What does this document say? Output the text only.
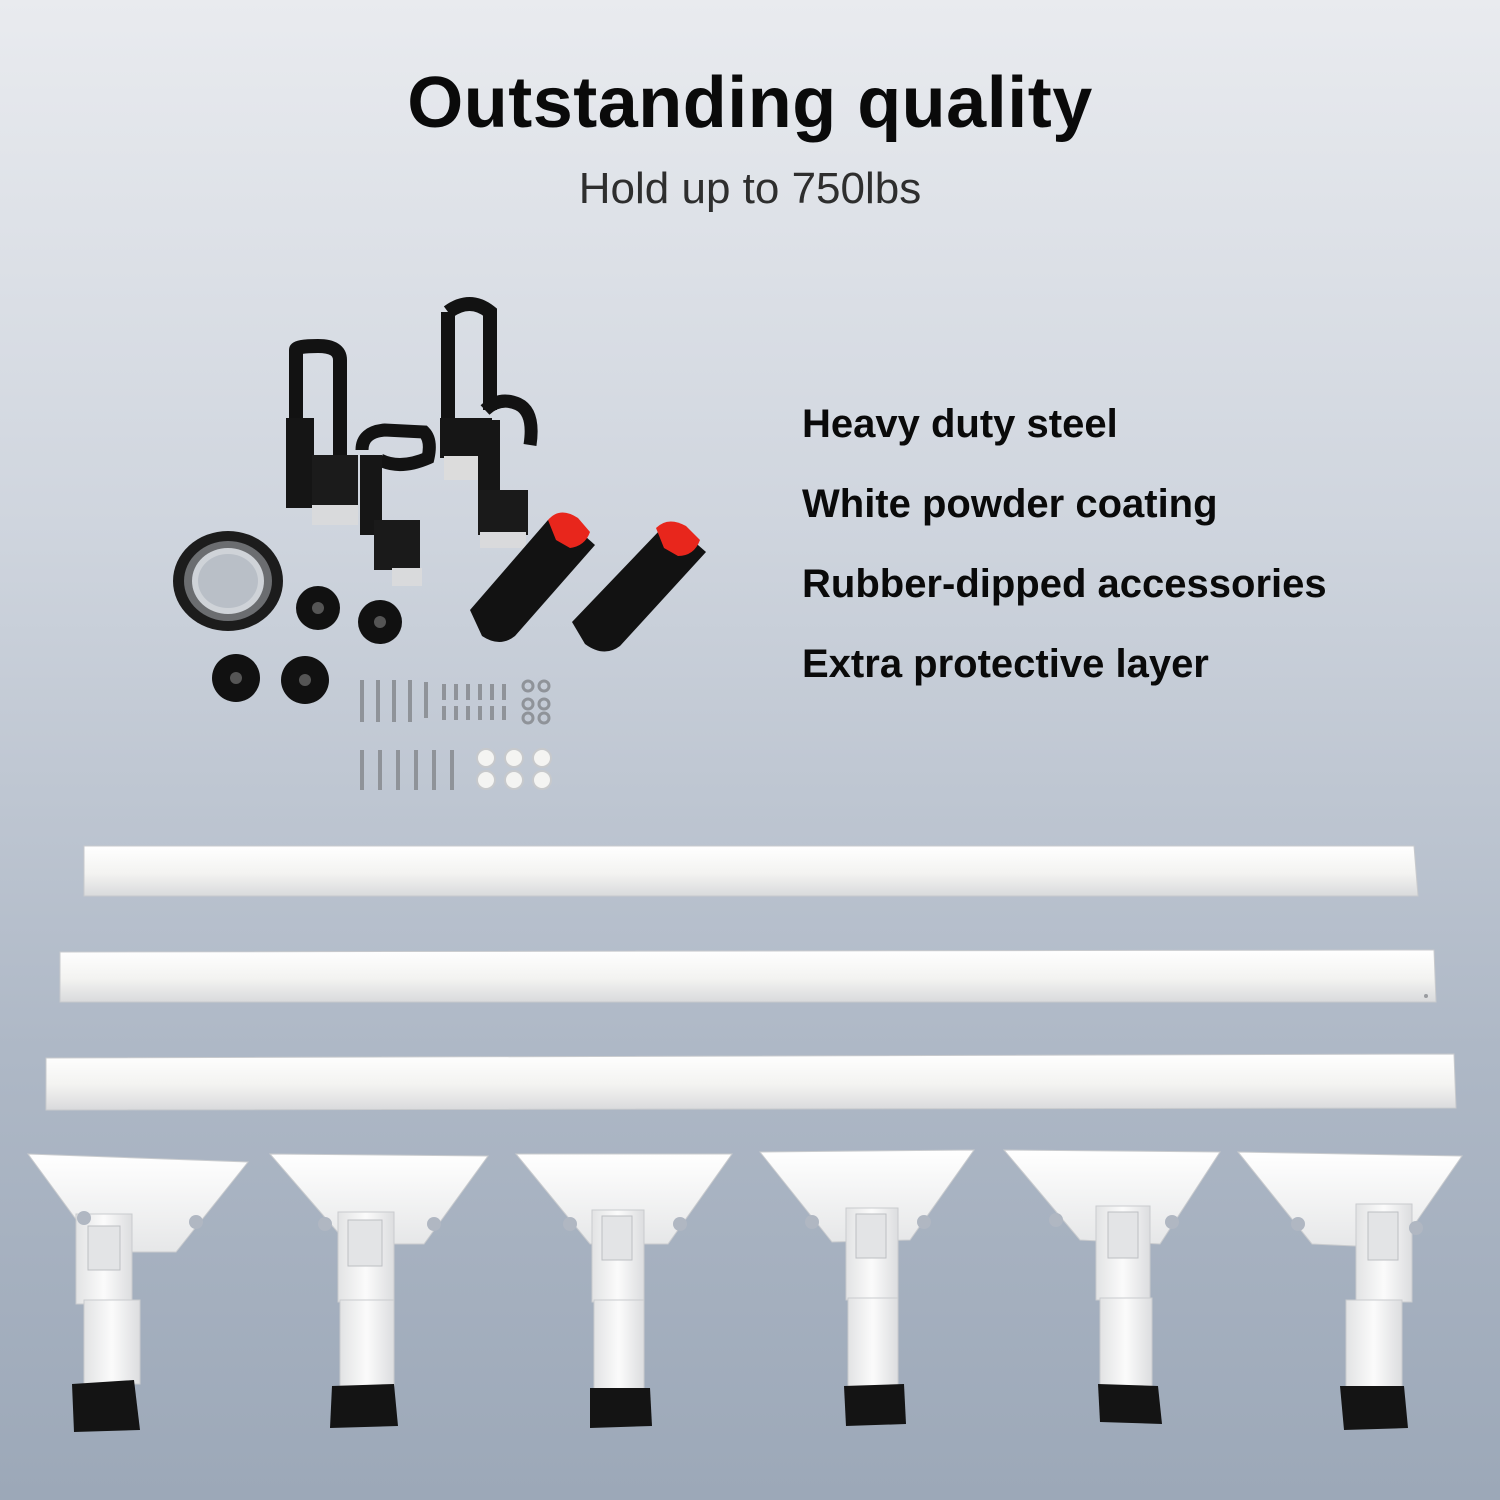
Outstanding quality
Hold up to 750lbs
Heavy duty steel
White powder coating
Rubber-dipped accessories
Extra protective layer
